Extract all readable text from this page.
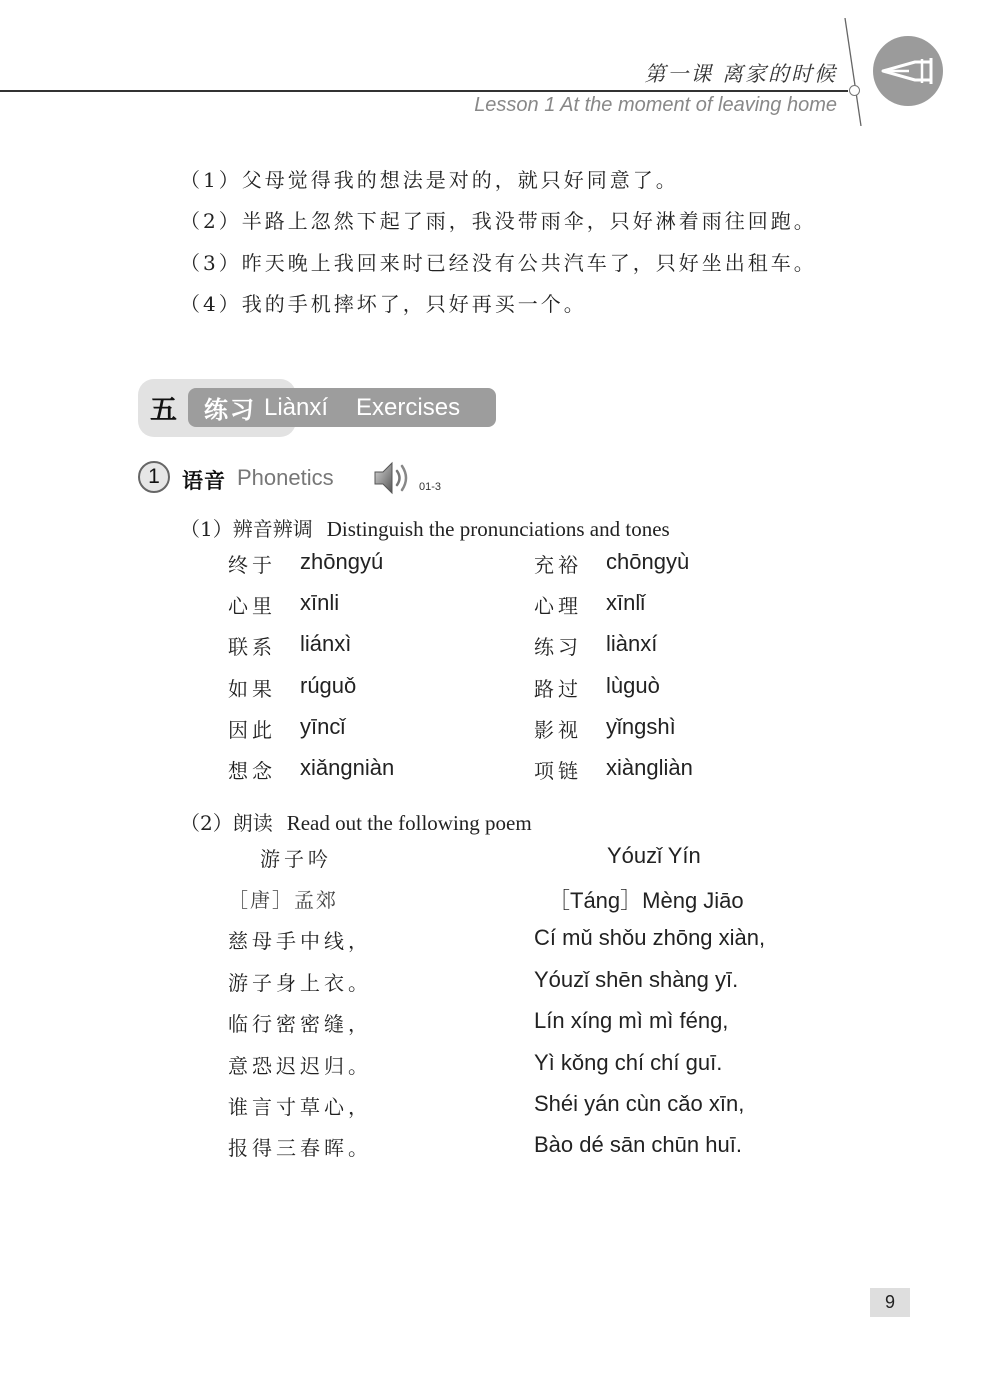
第一课 离家的时候
Lesson 1 At the moment of leaving home
（1）父母觉得我的想法是对的，就只好同意了。
（2）半路上忽然下起了雨，我没带雨伞，只好淋着雨往回跑。
（3）昨天晚上我回来时已经没有公共汽车了，只好坐出租车。
（4）我的手机摔坏了，只好再买一个。
五 练习 Liànxí Exercises
1	语音 Phonetics	01-3
（1）辨音辨调 Distinguish the pronunciations and tones
终于 zhōngyú	充裕 chōngyù
心里 xīnli	心理 xīnlǐ
联系 liánxì	练习 liànxí
如果 rúguǒ	路过 lùguò
因此 yīncǐ	影视 yǐngshì
想念 xiǎngniàn	项链 xiàngliàn
（2）朗读 Read out the following poem
游子吟	Yóuzǐ Yín
［唐］孟郊	［Táng］Mèng Jiāo
慈母手中线，	Cí mǔ shǒu zhōng xiàn,
游子身上衣。	Yóuzǐ shēn shàng yī.
临行密密缝，	Lín xíng mì mì féng,
意恐迟迟归。	Yì kǒng chí chí guī.
谁言寸草心，	Shéi yán cùn cǎo xīn,
报得三春晖。	Bào dé sān chūn huī.
9
